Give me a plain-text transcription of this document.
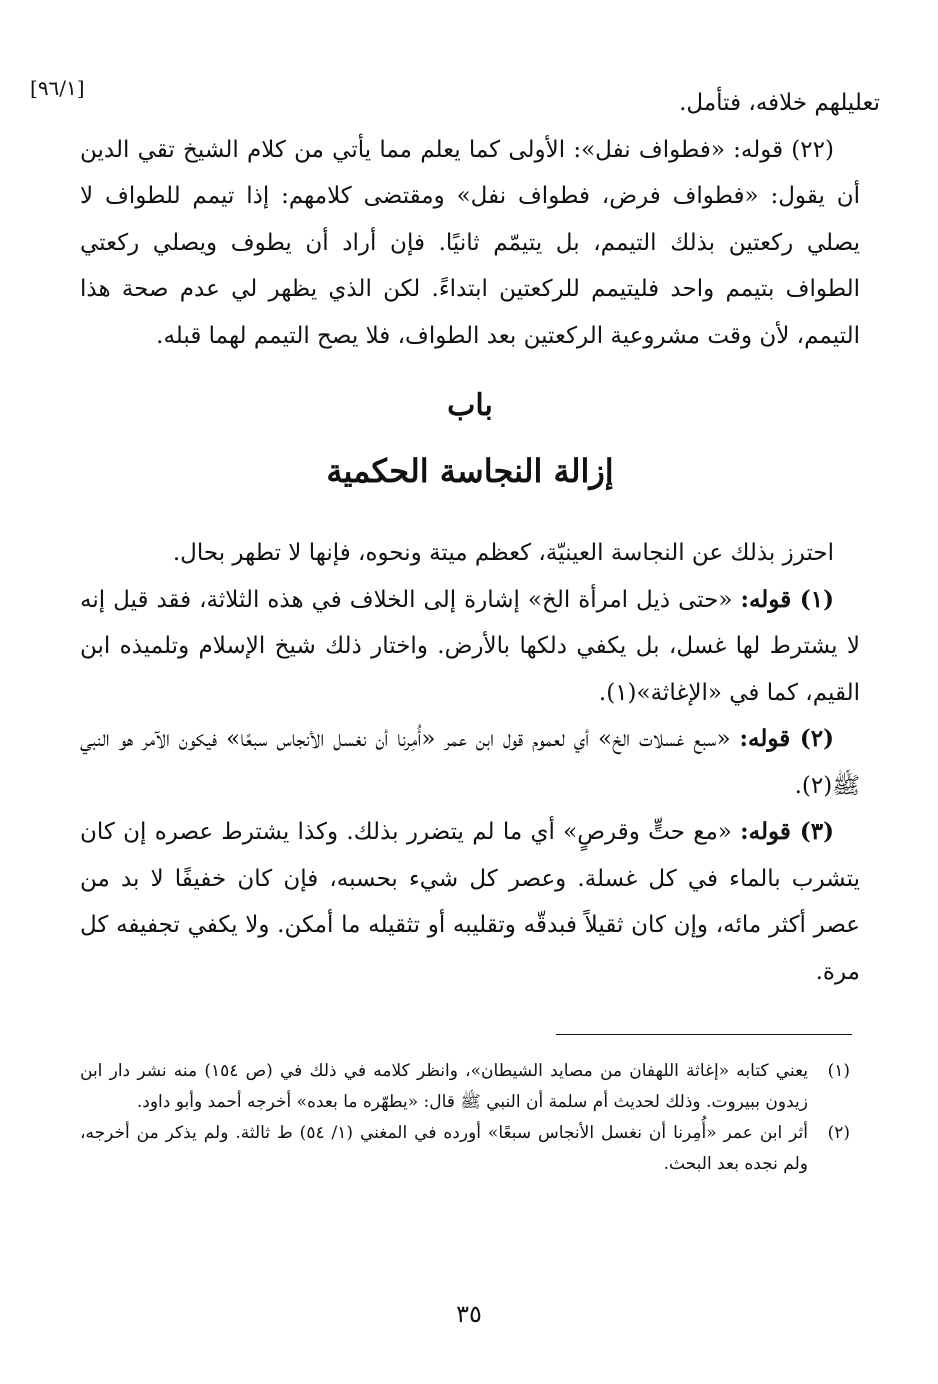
[٩٦/١]

تعليلهم خلافه، فتأمل.

(٢٢) قوله: «فطواف نفل»: الأولى كما يعلم مما يأتي من كلام الشيخ تقي الدين أن يقول: «فطواف فرض، فطواف نفل» ومقتضى كلامهم: إذا تيمم للطواف لا يصلي ركعتين بذلك التيمم، بل يتيمّم ثانيًا. فإن أراد أن يطوف ويصلي ركعتي الطواف بتيمم واحد فليتيمم للركعتين ابتداءً. لكن الذي يظهر لي عدم صحة هذا التيمم، لأن وقت مشروعية الركعتين بعد الطواف، فلا يصح التيمم لهما قبله.

باب
إزالة النجاسة الحكمية

احترز بذلك عن النجاسة العينيّة، كعظم ميتة ونحوه، فإنها لا تطهر بحال.

(١) قوله: «حتى ذيل امرأة الخ» إشارة إلى الخلاف في هذه الثلاثة، فقد قيل إنه لا يشترط لها غسل، بل يكفي دلكها بالأرض. واختار ذلك شيخ الإسلام وتلميذه ابن القيم، كما في «الإغاثة»(١).

(٢) قوله: «سبع غسلات الخ» أي لعموم قول ابن عمر «أُمِرنا أن نغسل الأنجاس سبعًا» فيكون الآمر هو النبي ﷺ(٢).

(٣) قوله: «مع حتٍّ وقرصٍ» أي ما لم يتضرر بذلك. وكذا يشترط عصره إن كان يتشرب بالماء في كل غسلة. وعصر كل شيء بحسبه، فإن كان خفيفًا لا بد من عصر أكثر مائه، وإن كان ثقيلاً فبدقّه وتقليبه أو تثقيله ما أمكن. ولا يكفي تجفيفه كل مرة.

(١)
يعني كتابه «إغاثة اللهفان من مصايد الشيطان»، وانظر كلامه في ذلك في (ص ١٥٤) منه نشر دار ابن زيدون ببيروت. وذلك لحديث أم سلمة أن النبي ﷺ قال: «يطهّره ما بعده» أخرجه أحمد وأبو داود.
(٢)
أثر ابن عمر «أُمِرنا أن نغسل الأنجاس سبعًا» أورده في المغني (١/ ٥٤) ط ثالثة. ولم يذكر من أخرجه، ولم نجده بعد البحث.
٣٥
